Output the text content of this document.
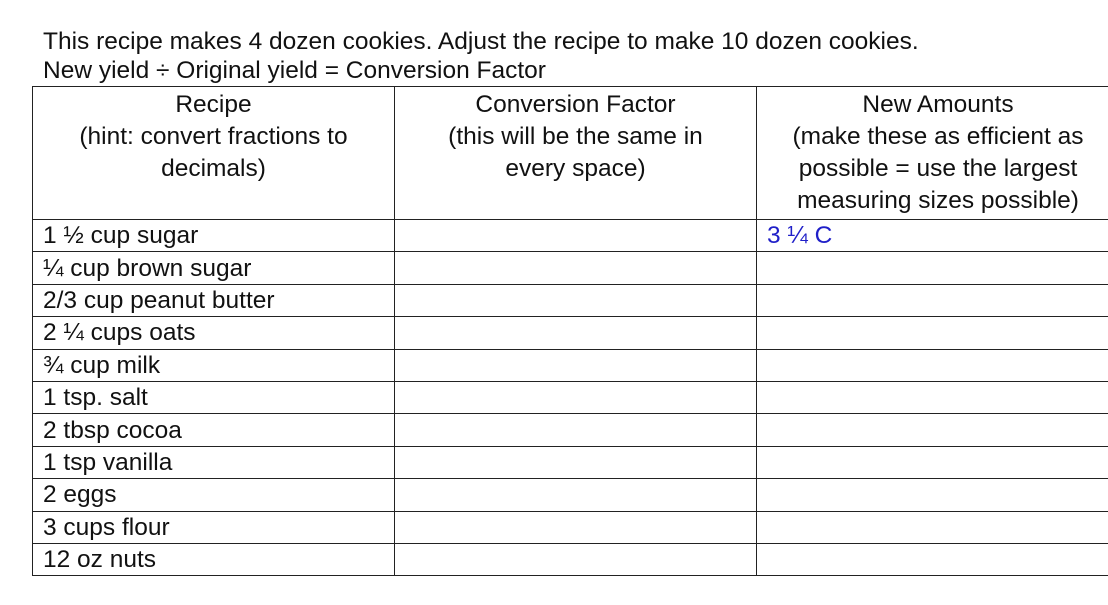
This recipe makes 4 dozen cookies. Adjust the recipe to make 10 dozen cookies.
New yield ÷ Original yield = Conversion Factor

Recipe
(hint: convert fractions to
decimals)	Conversion Factor
(this will be the same in
every space)	New Amounts
(make these as efficient as
possible = use the largest
measuring sizes possible)

1 ½ cup sugar		3 ¼ C
¼ cup brown sugar		
2/3 cup peanut butter		
2 ¼ cups oats		
¾ cup milk		
1 tsp. salt		
2 tbsp cocoa		
1 tsp vanilla		
2 eggs		
3 cups flour		
12 oz nuts		
